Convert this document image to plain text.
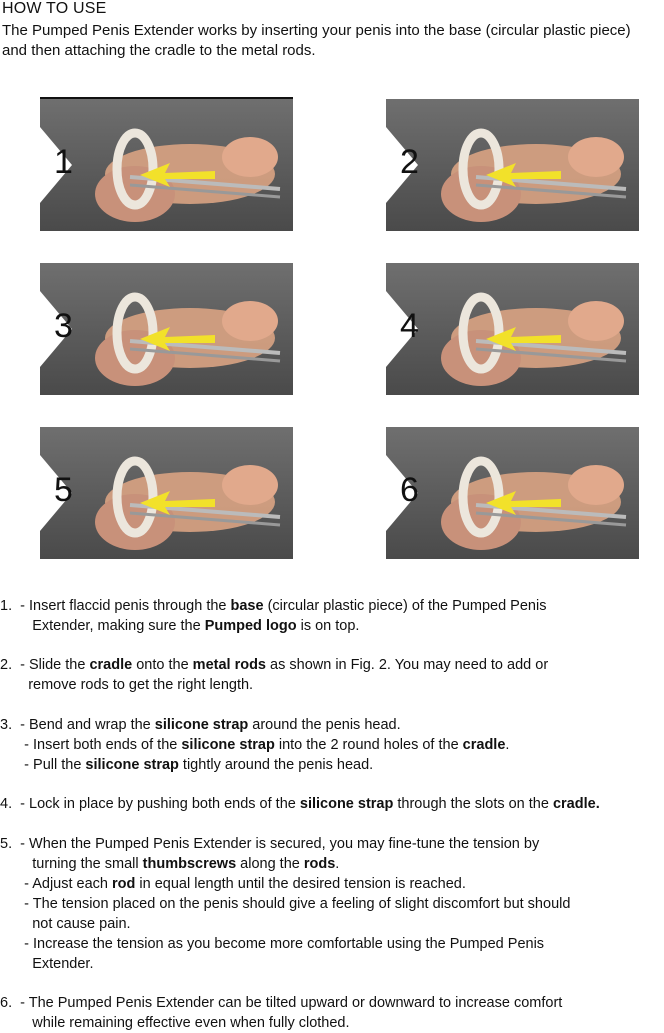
HOW TO USE
The Pumped Penis Extender works by inserting your penis into the base (circular plastic piece) and then attaching the cradle to the metal rods.
1	2
3	4
5	6
1.  - Insert flaccid penis through the base (circular plastic piece) of the Pumped Penis
Extender, making sure the Pumped logo is on top.
2.  - Slide the cradle onto the metal rods as shown in Fig. 2. You may need to add or
remove rods to get the right length.
3.  - Bend and wrap the silicone strap around the penis head.
- Insert both ends of the silicone strap into the 2 round holes of the cradle.
- Pull the silicone strap tightly around the penis head.
4.  - Lock in place by pushing both ends of the silicone strap through the slots on the cradle.
5.  - When the Pumped Penis Extender is secured, you may fine-tune the tension by
turning the small thumbscrews along the rods.
- Adjust each rod in equal length until the desired tension is reached.
- The tension placed on the penis should give a feeling of slight discomfort but should
not cause pain.
- Increase the tension as you become more comfortable using the Pumped Penis
Extender.
6.  - The Pumped Penis Extender can be tilted upward or downward to increase comfort
while remaining effective even when fully clothed.
